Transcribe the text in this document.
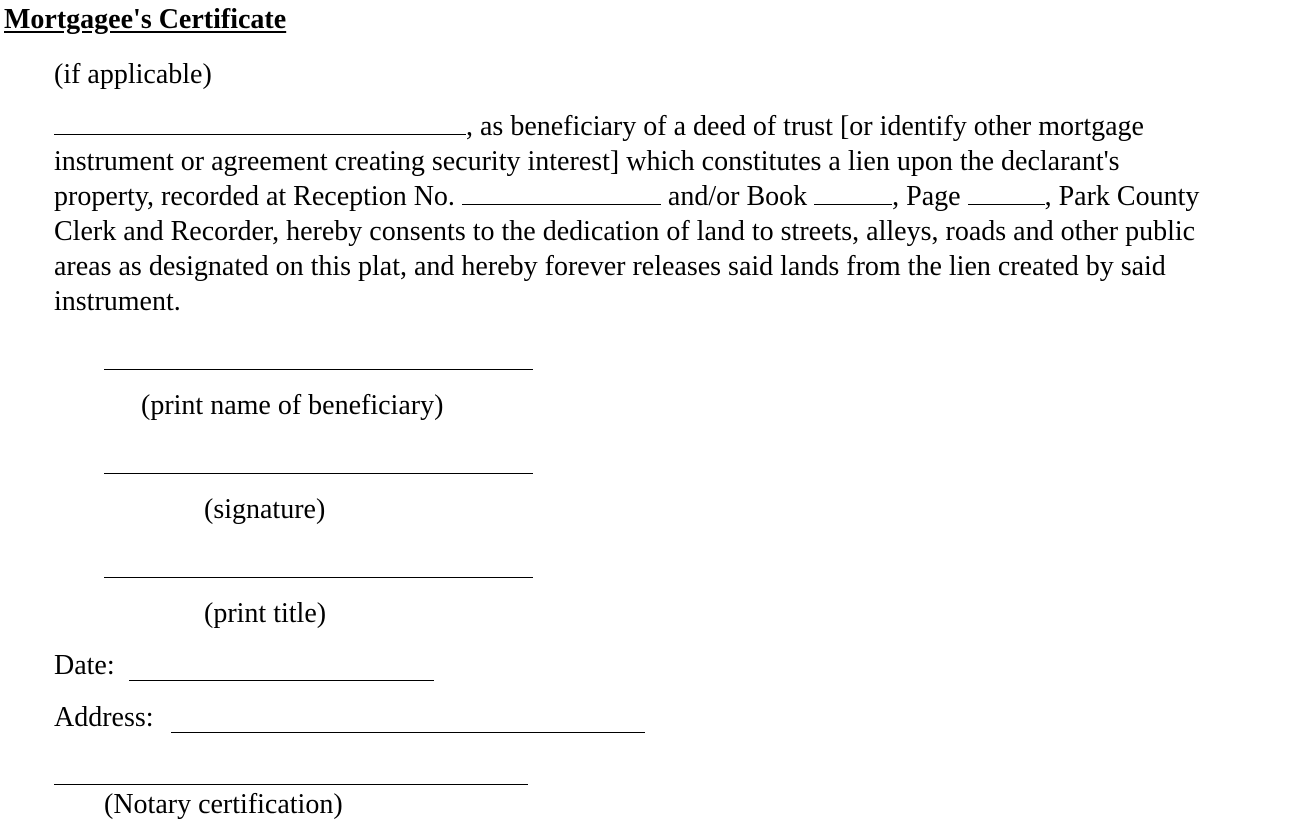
Mortgagee's Certificate
(if applicable)
, as beneficiary of a deed of trust [or identify other mortgage
instrument or agreement creating security interest] which constitutes a lien upon the declarant's
property, recorded at Reception No.	and/or Book	, Page	, Park County
Clerk and Recorder, hereby consents to the dedication of land to streets, alleys, roads and other public
areas as designated on this plat, and hereby forever releases said lands from the lien created by said
instrument.
(print name of beneficiary)
(signature)
(print title)
Date:
Address:
(Notary certification)
